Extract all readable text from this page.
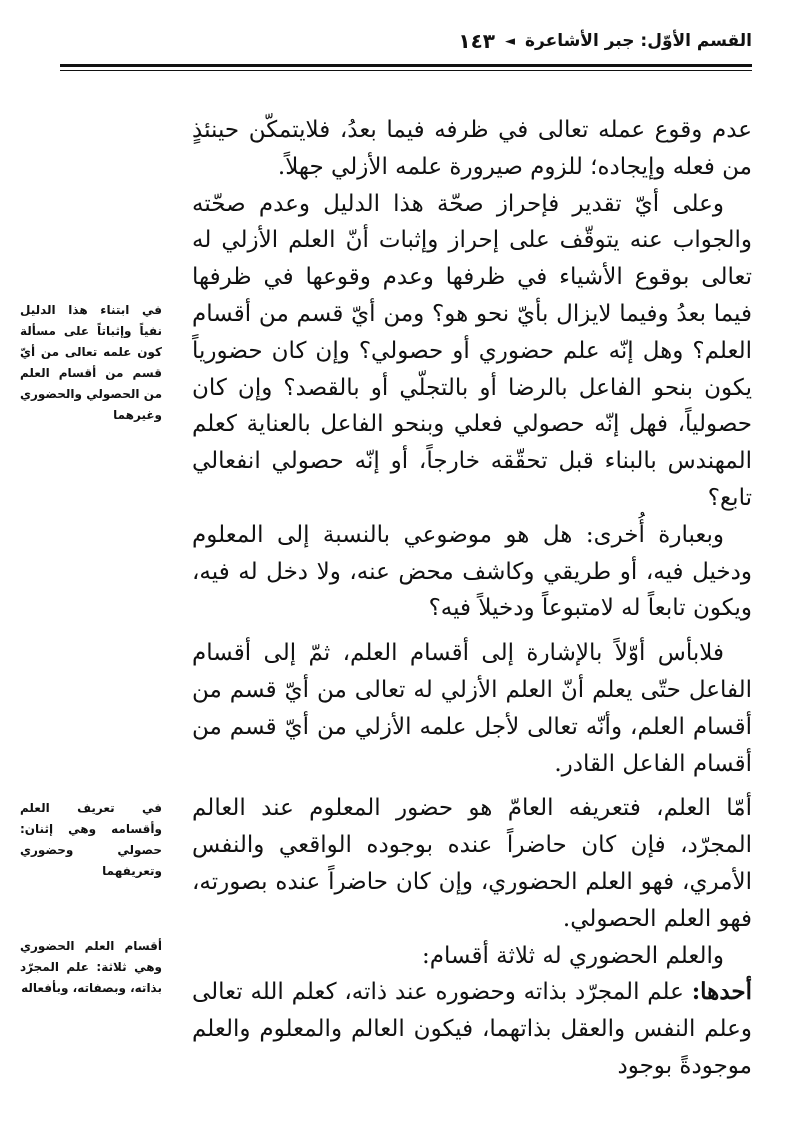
القسم الأوّل: جبر الأشاعرة
◄
١٤٣

عدم وقوع عمله تعالى في ظرفه فيما بعدُ، فلايتمكّن حينئذٍ من فعله وإيجاده؛ للزوم صيرورة علمه الأزلي جهلاً.

وعلى أيّ تقدير فإحراز صحّة هذا الدليل وعدم صحّته والجواب عنه يتوقّف على إحراز وإثبات أنّ العلم الأزلي له تعالى بوقوع الأشياء في ظرفها وعدم وقوعها في ظرفها فيما بعدُ وفيما لايزال بأيّ نحو هو؟ ومن أيّ قسم من أقسام العلم؟ وهل إنّه علم حضوري أو حصولي؟ وإن كان حضورياً يكون بنحو الفاعل بالرضا أو بالتجلّي أو بالقصد؟ وإن كان حصولياً، فهل إنّه حصولي فعلي وبنحو الفاعل بالعناية كعلم المهندس بالبناء قبل تحقّقه خارجاً، أو إنّه حصولي انفعالي تابع؟

وبعبارة أُخرى: هل هو موضوعي بالنسبة إلى المعلوم ودخيل فيه، أو طريقي وكاشف محض عنه، ولا دخل له فيه، ويكون تابعاً له لامتبوعاً ودخيلاً فيه؟

فلابأس أوّلاً بالإشارة إلى أقسام العلم، ثمّ إلى أقسام الفاعل حتّى يعلم أنّ العلم الأزلي له تعالى من أيّ قسم من أقسام العلم، وأنّه تعالى لأجل علمه الأزلي من أيّ قسم من أقسام الفاعل القادر.

أمّا العلم، فتعريفه العامّ هو حضور المعلوم عند العالم المجرّد، فإن كان حاضراً عنده بوجوده الواقعي والنفس الأمري، فهو العلم الحضوري، وإن كان حاضراً عنده بصورته، فهو العلم الحصولي.

والعلم الحضوري له ثلاثة أقسام:

أحدها: علم المجرّد بذاته وحضوره عند ذاته، كعلم الله تعالى وعلم النفس والعقل بذاتهما، فيكون العالم والمعلوم والعلم موجودةً بوجود

في ابتناء هذا الدليل نفياً وإثباتاً على مسألة كون علمه تعالى من أيّ قسم من أقسام العلم من الحصولي والحضوري وغيرهما
في تعريف العلم وأقسامه وهي إثنان: حصولي وحضوري وتعريفهما
أقسام العلم الحضوري وهي ثلاثة: علم المجرّد بذاته، وبصفاته، وبأفعاله
